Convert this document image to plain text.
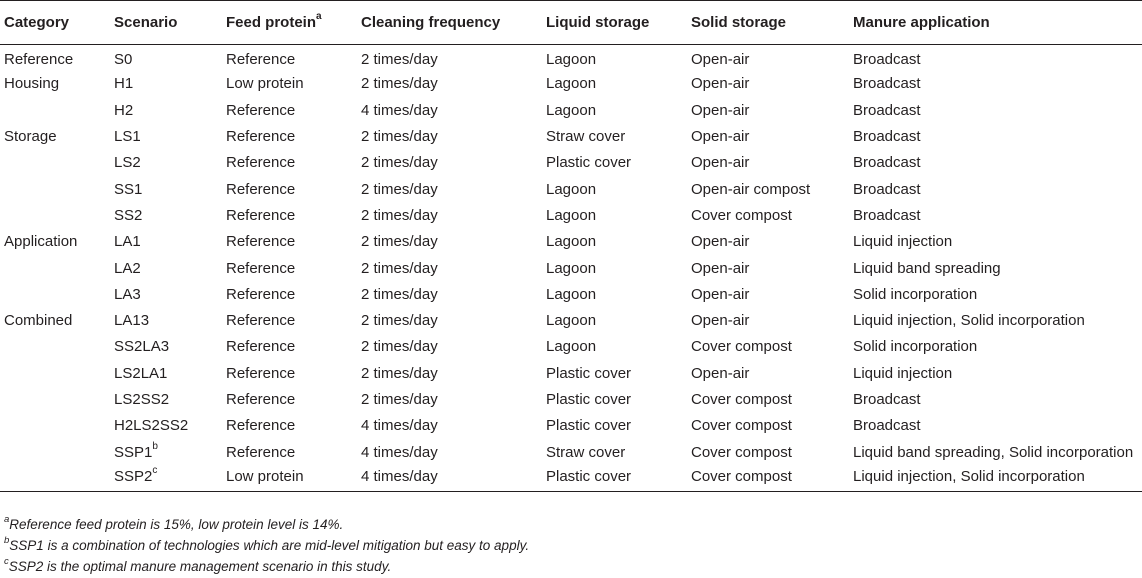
Category	Scenario	Feed protein$^a$	Cleaning frequency	Liquid storage	Solid storage	Manure application
Reference	S0	Reference	2 times/day	Lagoon	Open-air	Broadcast
Housing	H1	Low protein	2 times/day	Lagoon	Open-air	Broadcast
	H2	Reference	4 times/day	Lagoon	Open-air	Broadcast
Storage	LS1	Reference	2 times/day	Straw cover	Open-air	Broadcast
	LS2	Reference	2 times/day	Plastic cover	Open-air	Broadcast
	SS1	Reference	2 times/day	Lagoon	Open-air compost	Broadcast
	SS2	Reference	2 times/day	Lagoon	Cover compost	Broadcast
Application	LA1	Reference	2 times/day	Lagoon	Open-air	Liquid injection
	LA2	Reference	2 times/day	Lagoon	Open-air	Liquid band spreading
	LA3	Reference	2 times/day	Lagoon	Open-air	Solid incorporation
Combined	LA13	Reference	2 times/day	Lagoon	Open-air	Liquid injection, Solid incorporation
	SS2LA3	Reference	2 times/day	Lagoon	Cover compost	Solid incorporation
	LS2LA1	Reference	2 times/day	Plastic cover	Open-air	Liquid injection
	LS2SS2	Reference	2 times/day	Plastic cover	Cover compost	Broadcast
	H2LS2SS2	Reference	4 times/day	Plastic cover	Cover compost	Broadcast
	SSP1$^b$	Reference	4 times/day	Straw cover	Cover compost	Liquid band spreading, Solid incorporation
	SSP2$^c$	Low protein	4 times/day	Plastic cover	Cover compost	Liquid injection, Solid incorporation
$^a$Reference feed protein is 15%, low protein level is 14%.
$^b$SSP1 is a combination of technologies which are mid-level mitigation but easy to apply.
$^c$SSP2 is the optimal manure management scenario in this study.
